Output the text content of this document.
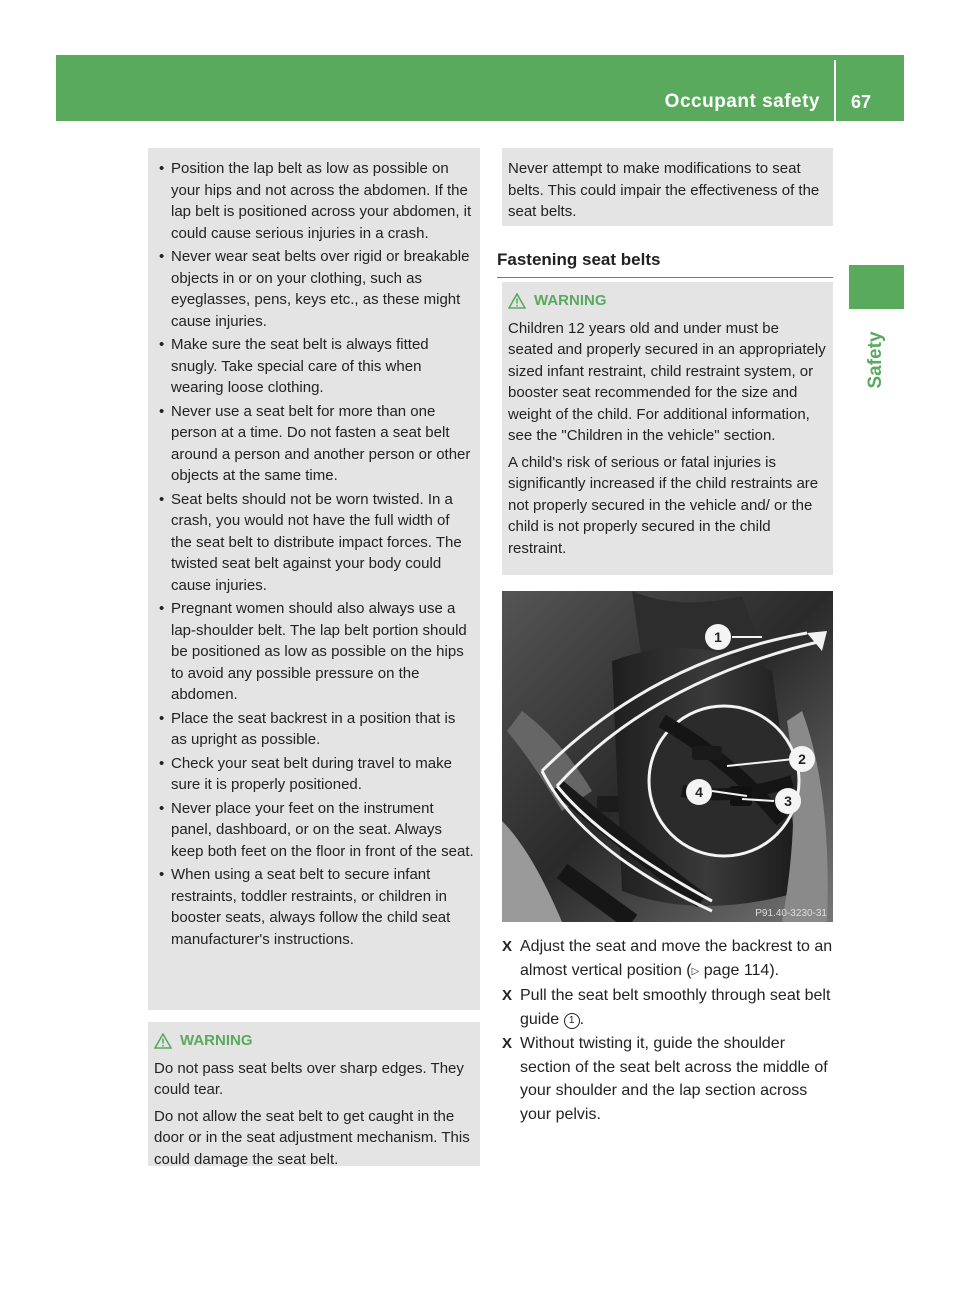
Occupant safety 67
Safety
• Position the lap belt as low as possible on your hips and not across the abdomen. If the lap belt is positioned across your abdomen, it could cause serious injuries in a crash.
• Never wear seat belts over rigid or breakable objects in or on your clothing, such as eyeglasses, pens, keys etc., as these might cause injuries.
• Make sure the seat belt is always fitted snugly. Take special care of this when wearing loose clothing.
• Never use a seat belt for more than one person at a time. Do not fasten a seat belt around a person and another person or other objects at the same time.
• Seat belts should not be worn twisted. In a crash, you would not have the full width of the seat belt to distribute impact forces. The twisted seat belt against your body could cause injuries.
• Pregnant women should also always use a lap-shoulder belt. The lap belt portion should be positioned as low as possible on the hips to avoid any possible pressure on the abdomen.
• Place the seat backrest in a position that is as upright as possible.
• Check your seat belt during travel to make sure it is properly positioned.
• Never place your feet on the instrument panel, dashboard, or on the seat. Always keep both feet on the floor in front of the seat.
• When using a seat belt to secure infant restraints, toddler restraints, or children in booster seats, always follow the child seat manufacturer's instructions.
WARNING

Do not pass seat belts over sharp edges. They could tear.

Do not allow the seat belt to get caught in the door or in the seat adjustment mechanism. This could damage the seat belt.

Never attempt to make modifications to seat belts. This could impair the effectiveness of the seat belts.

Fastening seat belts
WARNING

Children 12 years old and under must be seated and properly secured in an appropriately sized infant restraint, child restraint system, or booster seat recommended for the size and weight of the child. For additional information, see the "Children in the vehicle" section.

A child's risk of serious or fatal injuries is significantly increased if the child restraints are not properly secured in the vehicle and/ or the child is not properly secured in the child restraint.

1
2
3
4
P91.40-3230-31
X Adjust the seat and move the backrest to an almost vertical position (▷ page 114).
X Pull the seat belt smoothly through seat belt guide 1 .
X Without twisting it, guide the shoulder section of the seat belt across the middle of your shoulder and the lap section across your pelvis.
